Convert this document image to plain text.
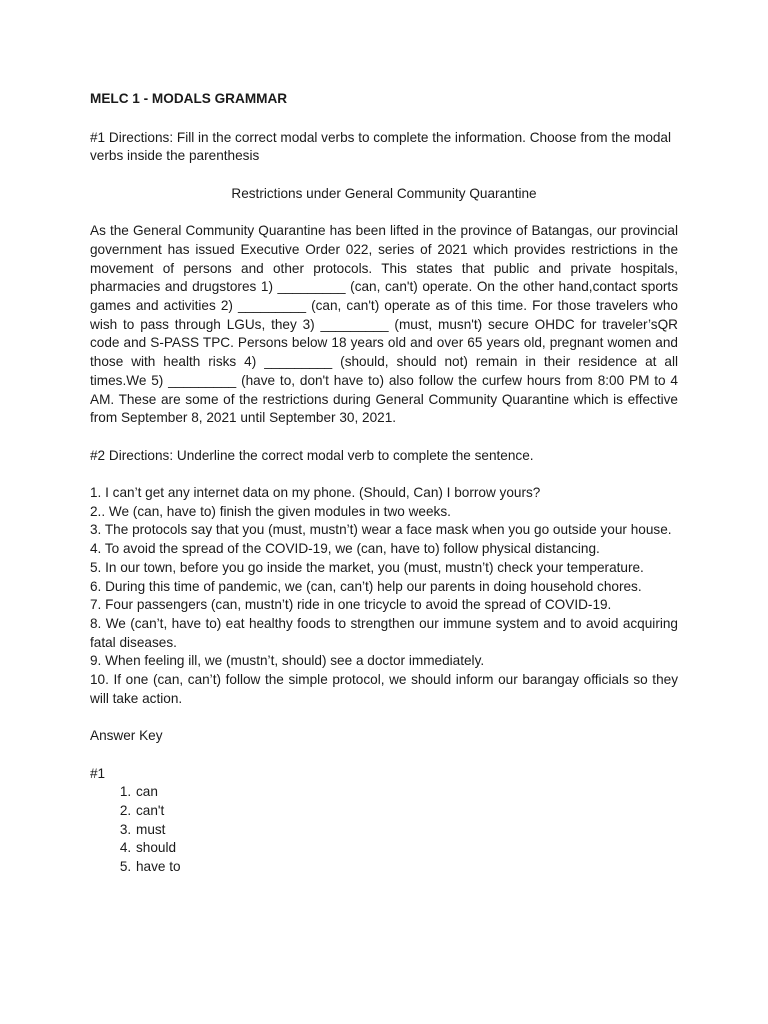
MELC 1 - MODALS GRAMMAR

#1 Directions: Fill in the correct modal verbs to complete the information. Choose from the modal verbs inside the parenthesis

Restrictions under General Community Quarantine

As the General Community Quarantine has been lifted in the province of Batangas, our provincial government has issued Executive Order 022, series of 2021 which provides restrictions in the movement of persons and other protocols. This states that public and private hospitals, pharmacies and drugstores 1) _________ (can, can't) operate. On the other hand,contact sports games and activities 2) _________ (can, can't) operate as of this time. For those travelers who wish to pass through LGUs, they 3) _________ (must, musn't) secure OHDC for traveler’sQR code and S-PASS TPC. Persons below 18 years old and over 65 years old, pregnant women and those with health risks 4) _________ (should, should not) remain in their residence at all times.We 5) _________ (have to, don't have to) also follow the curfew hours from 8:00 PM to 4 AM. These are some of the restrictions during General Community Quarantine which is effective from September 8, 2021 until September 30, 2021.

#2 Directions: Underline the correct modal verb to complete the sentence.

1. I can’t get any internet data on my phone. (Should, Can) I borrow yours?

2.. We (can, have to) finish the given modules in two weeks.

3. The protocols say that you (must, mustn’t) wear a face mask when you go outside your house.

4. To avoid the spread of the COVID-19, we (can, have to) follow physical distancing.

5. In our town, before you go inside the market, you (must, mustn’t) check your temperature.

6. During this time of pandemic, we (can, can’t) help our parents in doing household chores.

7. Four passengers (can, mustn’t) ride in one tricycle to avoid the spread of COVID-19.

8. We (can’t, have to) eat healthy foods to strengthen our immune system and to avoid acquiring fatal diseases.

9. When feeling ill, we (mustn’t, should) see a doctor immediately.

10. If one (can, can’t) follow the simple protocol, we should inform our barangay officials so they will take action.

Answer Key

#1

1. can
2. can't
3. must
4. should
5. have to
